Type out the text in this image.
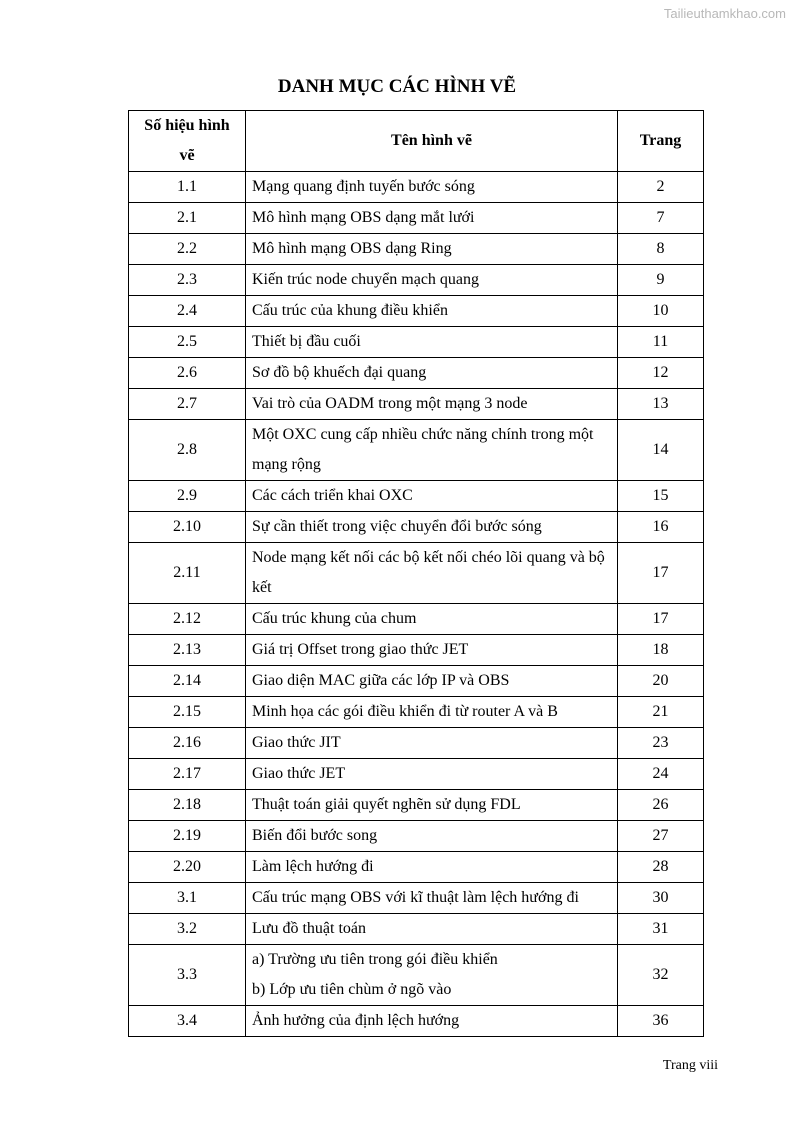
Tailieuthamkhao.com
DANH MỤC CÁC HÌNH VẼ
Số hiệu hình vẽ	Tên hình vẽ	Trang
1.1	Mạng quang định tuyến bước sóng	2
2.1	Mô hình mạng OBS dạng mắt lưới	7
2.2	Mô hình mạng OBS dạng Ring	8
2.3	Kiến trúc node chuyển mạch quang	9
2.4	Cấu trúc của khung điều khiển	10
2.5	Thiết bị đầu cuối	11
2.6	Sơ đồ bộ khuếch đại quang	12
2.7	Vai trò của OADM trong một mạng 3 node	13
2.8	Một OXC cung cấp nhiều chức năng chính trong một mạng rộng	14
2.9	Các cách triển khai OXC	15
2.10	Sự cần thiết trong việc chuyển đổi bước sóng	16
2.11	Node mạng kết nối các bộ kết nối chéo lõi quang và bộ kết	17
2.12	Cấu trúc khung của chum	17
2.13	Giá trị Offset trong giao thức JET	18
2.14	Giao diện MAC giữa các lớp IP và OBS	20
2.15	Minh họa các gói điều khiển đi từ router A và B	21
2.16	Giao thức JIT	23
2.17	Giao thức JET	24
2.18	Thuật toán giải quyết nghẽn sử dụng FDL	26
2.19	Biến đổi bước song	27
2.20	Làm lệch hướng đi	28
3.1	Cấu trúc mạng OBS với kĩ thuật làm lệch hướng đi	30
3.2	Lưu đồ thuật toán	31
3.3	a) Trường ưu tiên trong gói điều khiển
b) Lớp ưu tiên chùm ở ngõ vào	32
3.4	Ảnh hưởng của định lệch hướng	36
Trang viii
